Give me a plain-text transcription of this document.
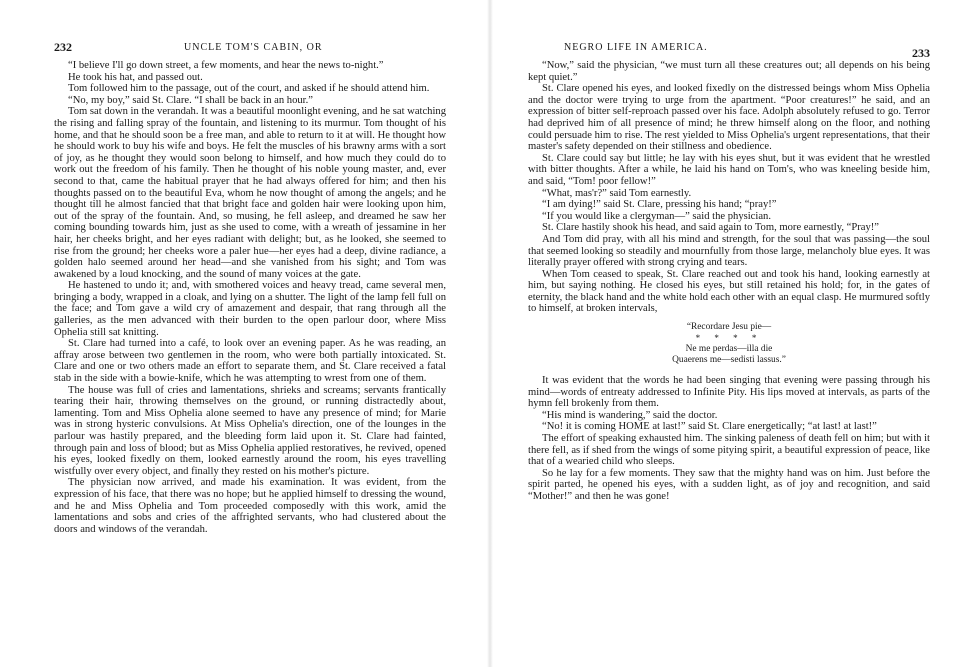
232	UNCLE TOM'S CABIN, OR

“I believe I'll go down street, a few moments, and hear the news to-night.”

He took his hat, and passed out.

Tom followed him to the passage, out of the court, and asked if he should attend him.

“No, my boy,” said St. Clare. “I shall be back in an hour.”

Tom sat down in the verandah. It was a beautiful moonlight evening, and he sat watching the rising and falling spray of the fountain, and listening to its murmur. Tom thought of his home, and that he should soon be a free man, and able to return to it at will. He thought how he should work to buy his wife and boys. He felt the muscles of his brawny arms with a sort of joy, as he thought they would soon belong to himself, and how much they could do to work out the freedom of his family. Then he thought of his noble young master, and, ever second to that, came the habitual prayer that he had always offered for him; and then his thoughts passed on to the beautiful Eva, whom he now thought of among the angels; and he thought till he almost fancied that that bright face and golden hair were looking upon him, out of the spray of the fountain. And, so musing, he fell asleep, and dreamed he saw her coming bounding towards him, just as she used to come, with a wreath of jessamine in her hair, her cheeks bright, and her eyes radiant with delight; but, as he looked, she seemed to rise from the ground; her cheeks wore a paler hue—her eyes had a deep, divine radiance, a golden halo seemed around her head—and she vanished from his sight; and Tom was awakened by a loud knocking, and the sound of many voices at the gate.

He hastened to undo it; and, with smothered voices and heavy tread, came several men, bringing a body, wrapped in a cloak, and lying on a shutter. The light of the lamp fell full on the face; and Tom gave a wild cry of amazement and despair, that rang through all the galleries, as the men advanced with their burden to the open parlour door, where Miss Ophelia still sat knitting.

St. Clare had turned into a café, to look over an evening paper. As he was reading, an affray arose between two gentlemen in the room, who were both partially intoxicated. St. Clare and one or two others made an effort to separate them, and St. Clare received a fatal stab in the side with a bowie-knife, which he was attempting to wrest from one of them.

The house was full of cries and lamentations, shrieks and screams; servants frantically tearing their hair, throwing themselves on the ground, or running distractedly about, lamenting. Tom and Miss Ophelia alone seemed to have any presence of mind; for Marie was in strong hysteric convulsions. At Miss Ophelia's direction, one of the lounges in the parlour was hastily prepared, and the bleeding form laid upon it. St. Clare had fainted, through pain and loss of blood; but as Miss Ophelia applied restoratives, he revived, opened his eyes, looked fixedly on them, looked earnestly around the room, his eyes travelling wistfully over every object, and finally they rested on his mother's picture.

The physician now arrived, and made his examination. It was evident, from the expression of his face, that there was no hope; but he applied himself to dressing the wound, and he and Miss Ophelia and Tom proceeded composedly with this work, amid the lamentations and sobs and cries of the affrighted servants, who had clustered about the doors and windows of the verandah.

NEGRO LIFE IN AMERICA.	233

“Now,” said the physician, “we must turn all these creatures out; all depends on his being kept quiet.”

St. Clare opened his eyes, and looked fixedly on the distressed beings whom Miss Ophelia and the doctor were trying to urge from the apartment. “Poor creatures!” he said, and an expression of bitter self-reproach passed over his face. Adolph absolutely refused to go. Terror had deprived him of all presence of mind; he threw himself along on the floor, and nothing could persuade him to rise. The rest yielded to Miss Ophelia's urgent representations, that their master's safety depended on their stillness and obedience.

St. Clare could say but little; he lay with his eyes shut, but it was evident that he wrestled with bitter thoughts. After a while, he laid his hand on Tom's, who was kneeling beside him, and said, “Tom! poor fellow!”

“What, mas'r?” said Tom earnestly.

“I am dying!” said St. Clare, pressing his hand; “pray!”

“If you would like a clergyman—” said the physician.

St. Clare hastily shook his head, and said again to Tom, more earnestly, “Pray!”

And Tom did pray, with all his mind and strength, for the soul that was passing—the soul that seemed looking so steadily and mournfully from those large, melancholy blue eyes. It was literally prayer offered with strong crying and tears.

When Tom ceased to speak, St. Clare reached out and took his hand, looking earnestly at him, but saying nothing. He closed his eyes, but still retained his hold; for, in the gates of eternity, the black hand and the white hold each other with an equal clasp. He murmured softly to himself, at broken intervals,

“Recordare Jesu pie—
* * * *
Ne me perdas—illa die
Quaerens me—sedisti lassus.”

It was evident that the words he had been singing that evening were passing through his mind—words of entreaty addressed to Infinite Pity. His lips moved at intervals, as parts of the hymn fell brokenly from them.

“His mind is wandering,” said the doctor.

“No! it is coming HOME at last!” said St. Clare energetically; “at last! at last!”

The effort of speaking exhausted him. The sinking paleness of death fell on him; but with it there fell, as if shed from the wings of some pitying spirit, a beautiful expression of peace, like that of a wearied child who sleeps.

So he lay for a few moments. They saw that the mighty hand was on him. Just before the spirit parted, he opened his eyes, with a sudden light, as of joy and recognition, and said “Mother!” and then he was gone!
